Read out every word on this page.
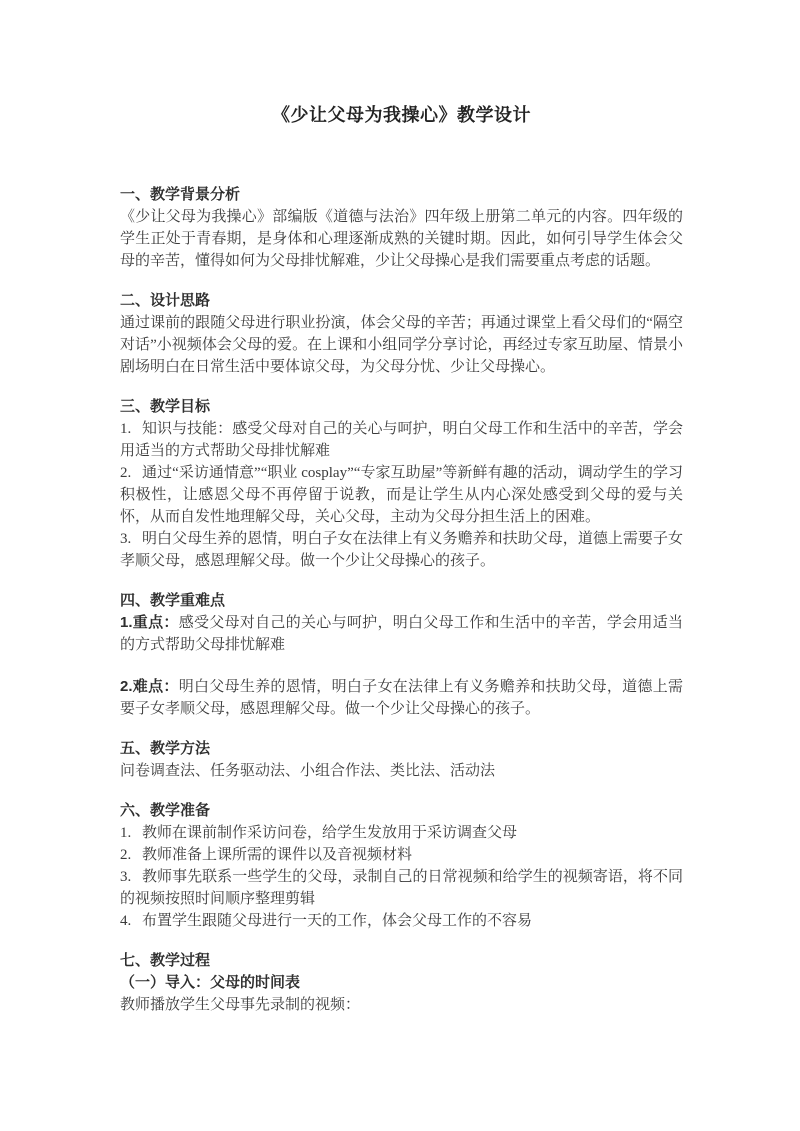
《少让父母为我操心》教学设计
一、教学背景分析

《少让父母为我操心》部编版《道德与法治》四年级上册第二单元的内容。四年级的学生正处于青春期，是身体和心理逐渐成熟的关键时期。因此，如何引导学生体会父母的辛苦，懂得如何为父母排忧解难，少让父母操心是我们需要重点考虑的话题。

二、设计思路

通过课前的跟随父母进行职业扮演，体会父母的辛苦；再通过课堂上看父母们的“隔空对话”小视频体会父母的爱。在上课和小组同学分享讨论，再经过专家互助屋、情景小剧场明白在日常生活中要体谅父母，为父母分忧、少让父母操心。

三、教学目标

1. 知识与技能：感受父母对自己的关心与呵护，明白父母工作和生活中的辛苦，学会用适当的方式帮助父母排忧解难

2. 通过“采访通情意”“职业 cosplay”“专家互助屋”等新鲜有趣的活动，调动学生的学习积极性，让感恩父母不再停留于说教，而是让学生从内心深处感受到父母的爱与关怀，从而自发性地理解父母，关心父母，主动为父母分担生活上的困难。

3. 明白父母生养的恩情，明白子女在法律上有义务赡养和扶助父母，道德上需要子女孝顺父母，感恩理解父母。做一个少让父母操心的孩子。

四、教学重难点

1.重点：感受父母对自己的关心与呵护，明白父母工作和生活中的辛苦，学会用适当的方式帮助父母排忧解难

2.难点：明白父母生养的恩情，明白子女在法律上有义务赡养和扶助父母，道德上需要子女孝顺父母，感恩理解父母。做一个少让父母操心的孩子。

五、教学方法

问卷调查法、任务驱动法、小组合作法、类比法、活动法

六、教学准备

1. 教师在课前制作采访问卷，给学生发放用于采访调查父母

2. 教师准备上课所需的课件以及音视频材料

3. 教师事先联系一些学生的父母，录制自己的日常视频和给学生的视频寄语，将不同的视频按照时间顺序整理剪辑

4. 布置学生跟随父母进行一天的工作，体会父母工作的不容易

七、教学过程
（一）导入：父母的时间表

教师播放学生父母事先录制的视频：
